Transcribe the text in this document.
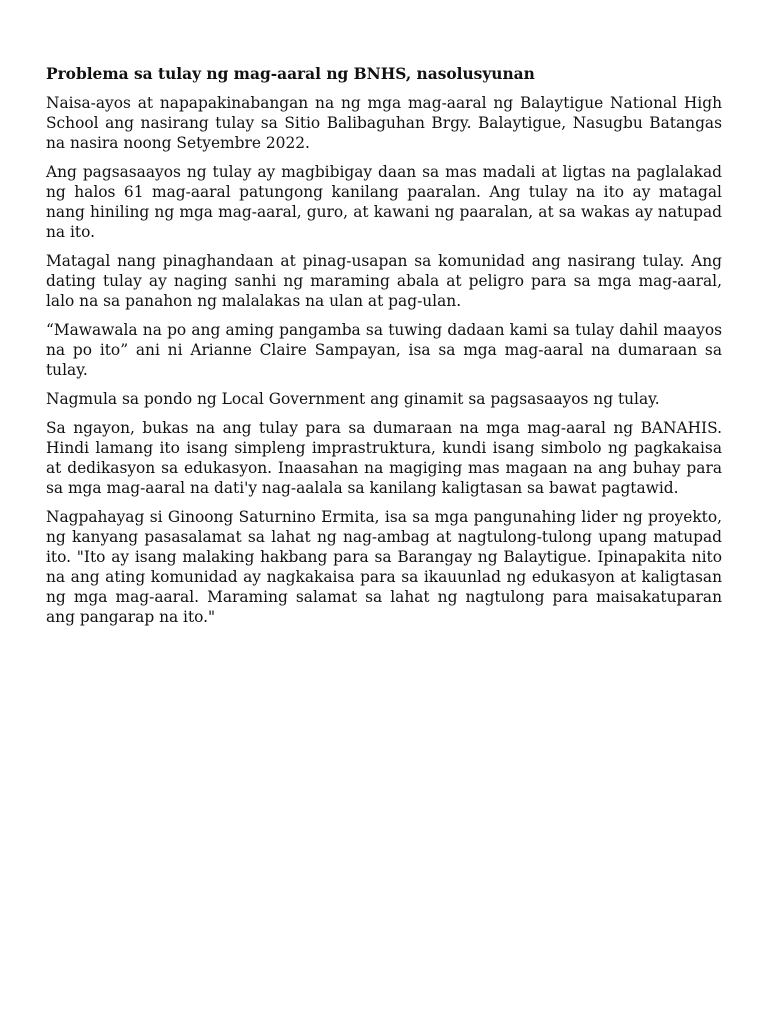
Problema sa tulay ng mag-aaral ng BNHS, nasolusyunan

Naisa-ayos at napapakinabangan na ng mga mag-aaral ng Balaytigue National High School ang nasirang tulay sa Sitio Balibaguhan Brgy. Balaytigue, Nasugbu Batangas na nasira noong Setyembre 2022.

Ang pagsasaayos ng tulay ay magbibigay daan sa mas madali at ligtas na paglalakad ng halos 61 mag-aaral patungong kanilang paaralan. Ang tulay na ito ay matagal nang hiniling ng mga mag-aaral, guro, at kawani ng paaralan, at sa wakas ay natupad na ito.

Matagal nang pinaghandaan at pinag-usapan sa komunidad ang nasirang tulay. Ang dating tulay ay naging sanhi ng maraming abala at peligro para sa mga mag-aaral, lalo na sa panahon ng malalakas na ulan at pag-ulan.

“Mawawala na po ang aming pangamba sa tuwing dadaan kami sa tulay dahil maayos na po ito” ani ni Arianne Claire Sampayan, isa sa mga mag-aaral na dumaraan sa tulay.

Nagmula sa pondo ng Local Government ang ginamit sa pagsasaayos ng tulay.

Sa ngayon, bukas na ang tulay para sa dumaraan na mga mag-aaral ng BANAHIS. Hindi lamang ito isang simpleng imprastruktura, kundi isang simbolo ng pagkakaisa at dedikasyon sa edukasyon. Inaasahan na magiging mas magaan na ang buhay para sa mga mag-aaral na dati'y nag-aalala sa kanilang kaligtasan sa bawat pagtawid.

Nagpahayag si Ginoong Saturnino Ermita, isa sa mga pangunahing lider ng proyekto, ng kanyang pasasalamat sa lahat ng nag-ambag at nagtulong-tulong upang matupad ito. "Ito ay isang malaking hakbang para sa Barangay ng Balaytigue. Ipinapakita nito na ang ating komunidad ay nagkakaisa para sa ikauunlad ng edukasyon at kaligtasan ng mga mag-aaral. Maraming salamat sa lahat ng nagtulong para maisakatuparan ang pangarap na ito."
